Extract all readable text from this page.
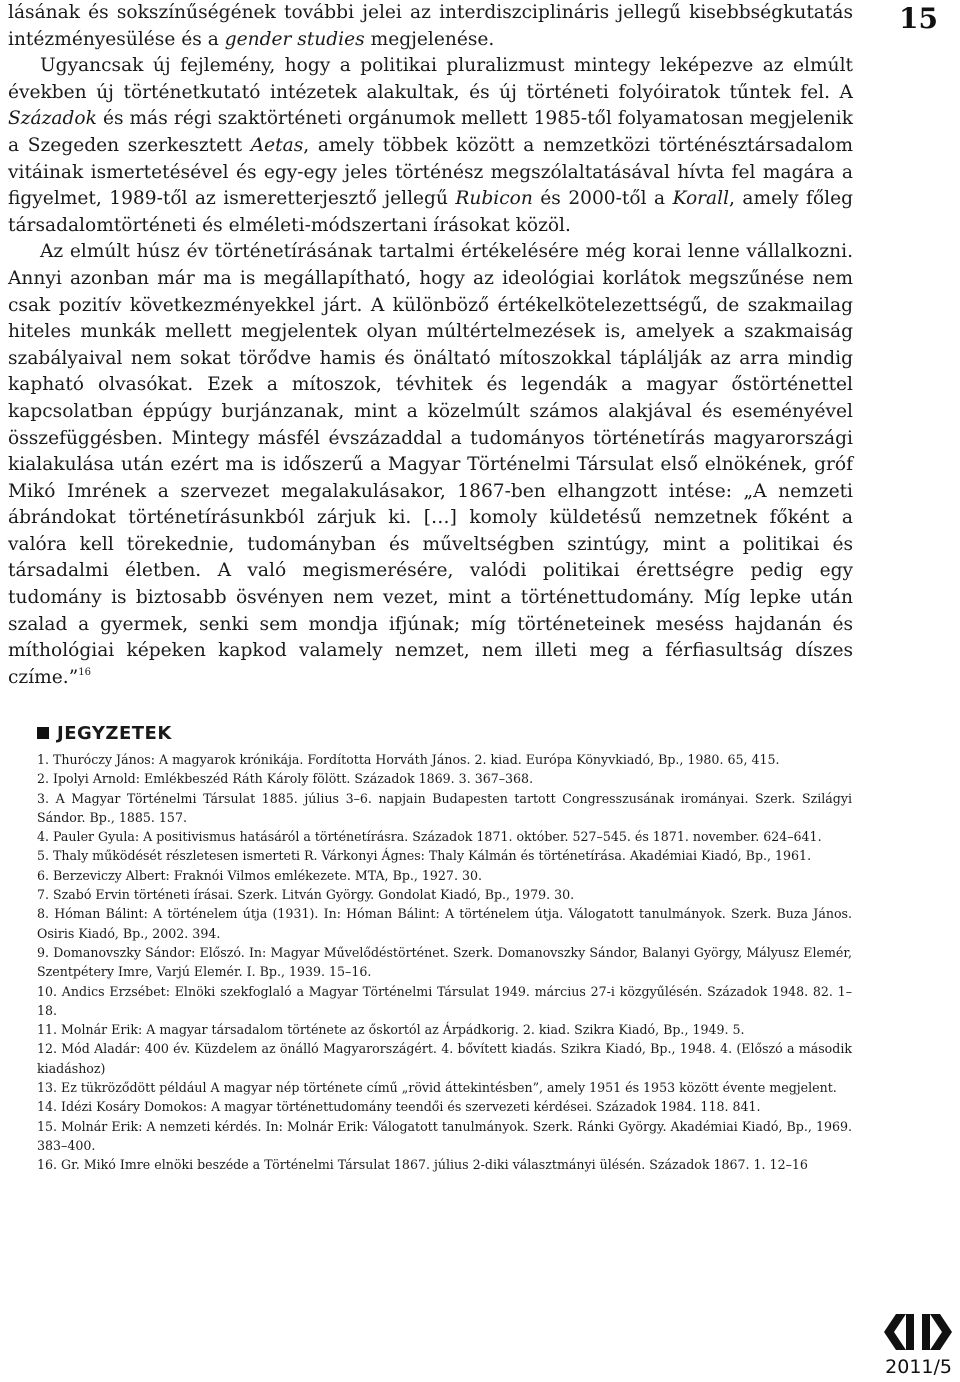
15

lásának és sokszínűségének további jelei az interdiszciplináris jellegű kisebbségkutatás intézményesülése és a gender studies megjelenése.

Ugyancsak új fejlemény, hogy a politikai pluralizmust mintegy leképezve az elmúlt években új történetkutató intézetek alakultak, és új történeti folyóiratok tűntek fel. A Századok és más régi szaktörténeti orgánumok mellett 1985-től folyamatosan megjelenik a Szegeden szerkesztett Aetas, amely többek között a nemzetközi történésztársadalom vitáinak ismertetésével és egy-egy jeles történész megszólaltatásával hívta fel magára a figyelmet, 1989-től az ismeretterjesztő jellegű Rubicon és 2000-től a Korall, amely főleg társadalomtörténeti és elméleti-módszertani írásokat közöl.

Az elmúlt húsz év történetírásának tartalmi értékelésére még korai lenne vállalkozni. Annyi azonban már ma is megállapítható, hogy az ideológiai korlátok megszűnése nem csak pozitív következményekkel járt. A különböző értékelkötelezettségű, de szakmailag hiteles munkák mellett megjelentek olyan múltértelmezések is, amelyek a szakmaiság szabályaival nem sokat törődve hamis és önáltató mítoszokkal táplálják az arra mindig kapható olvasókat. Ezek a mítoszok, tévhitek és legendák a magyar őstörténettel kapcsolatban éppúgy burjánzanak, mint a közelmúlt számos alakjával és eseményével összefüggésben. Mintegy másfél évszázaddal a tudományos történetírás magyarországi kialakulása után ezért ma is időszerű a Magyar Történelmi Társulat első elnökének, gróf Mikó Imrének a szervezet megalakulásakor, 1867-ben elhangzott intése: „A nemzeti ábrándokat történetírásunkból zárjuk ki. […] komoly küldetésű nemzetnek főként a valóra kell törekednie, tudományban és műveltségben szintúgy, mint a politikai és társadalmi életben. A való megismerésére, valódi politikai érettségre pedig egy tudomány is biztosabb ösvényen nem vezet, mint a történettudomány. Míg lepke után szalad a gyermek, senki sem mondja ifjúnak; míg történeteinek meséss hajdanán és míthológiai képeken kapkod valamely nemzet, nem illeti meg a férfiasultság díszes czíme.”$^{16}$

JEGYZETEK
1. Thuróczy János: A magyarok krónikája. Fordította Horváth János. 2. kiad. Európa Könyvkiadó, Bp., 1980. 65, 415.
2. Ipolyi Arnold: Emlékbeszéd Ráth Károly fölött. Századok 1869. 3. 367–368.
3. A Magyar Történelmi Társulat 1885. július 3–6. napjain Budapesten tartott Congresszusának irományai. Szerk. Szilágyi Sándor. Bp., 1885. 157.
4. Pauler Gyula: A positivismus hatásáról a történetírásra. Századok 1871. október. 527–545. és 1871. november. 624–641.
5. Thaly működését részletesen ismerteti R. Várkonyi Ágnes: Thaly Kálmán és történetírása. Akadémiai Kiadó, Bp., 1961.
6. Berzeviczy Albert: Fraknói Vilmos emlékezete. MTA, Bp., 1927. 30.
7. Szabó Ervin történeti írásai. Szerk. Litván György. Gondolat Kiadó, Bp., 1979. 30.
8. Hóman Bálint: A történelem útja (1931). In: Hóman Bálint: A történelem útja. Válogatott tanulmányok. Szerk. Buza János. Osiris Kiadó, Bp., 2002. 394.
9. Domanovszky Sándor: Előszó. In: Magyar Művelődéstörténet. Szerk. Domanovszky Sándor, Balanyi György, Mályusz Elemér, Szentpétery Imre, Varjú Elemér. I. Bp., 1939. 15–16.
10. Andics Erzsébet: Elnöki szekfoglaló a Magyar Történelmi Társulat 1949. március 27-i közgyűlésén. Századok 1948. 82. 1–18.
11. Molnár Erik: A magyar társadalom története az őskortól az Árpádkorig. 2. kiad. Szikra Kiadó, Bp., 1949. 5.
12. Mód Aladár: 400 év. Küzdelem az önálló Magyarországért. 4. bővített kiadás. Szikra Kiadó, Bp., 1948. 4. (Előszó a második kiadáshoz)
13. Ez tükröződött például A magyar nép története című „rövid áttekintésben”, amely 1951 és 1953 között évente megjelent.
14. Idézi Kosáry Domokos: A magyar történettudomány teendői és szervezeti kérdései. Századok 1984. 118. 841.
15. Molnár Erik: A nemzeti kérdés. In: Molnár Erik: Válogatott tanulmányok. Szerk. Ránki György. Akadémiai Kiadó, Bp., 1969. 383–400.
16. Gr. Mikó Imre elnöki beszéde a Történelmi Társulat 1867. július 2-diki választmányi ülésén. Századok 1867. 1. 12–16
2011/5
